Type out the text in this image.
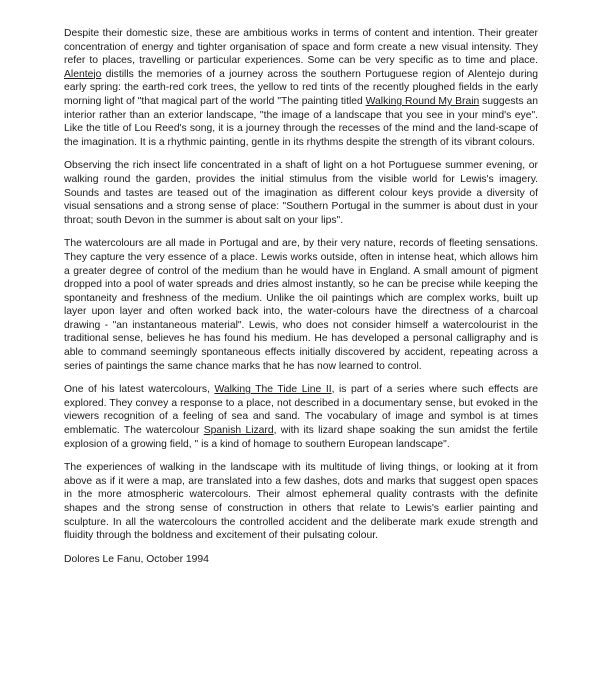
Despite their domestic size, these are ambitious works in terms of content and intention. Their greater concentration of energy and tighter organisation of space and form create a new visual intensity. They refer to places, travelling or particular experiences. Some can be very specific as to time and place. Alentejo distills the memories of a journey across the southern Portuguese region of Alentejo during early spring: the earth-red cork trees, the yellow to red tints of the recently ploughed fields in the early morning light of "that magical part of the world "The painting titled Walking Round My Brain suggests an interior rather than an exterior landscape, "the image of a landscape that you see in your mind's eye". Like the title of Lou Reed's song, it is a journey through the recesses of the mind and the land-scape of the imagination. It is a rhythmic painting, gentle in its rhythms despite the strength of its vibrant colours.

Observing the rich insect life concentrated in a shaft of light on a hot Portuguese summer evening, or walking round the garden, provides the initial stimulus from the visible world for Lewis's imagery. Sounds and tastes are teased out of the imagination as different colour keys provide a diversity of visual sensations and a strong sense of place: "Southern Portugal in the summer is about dust in your throat; south Devon in the summer is about salt on your lips".

The watercolours are all made in Portugal and are, by their very nature, records of fleeting sensations. They capture the very essence of a place. Lewis works outside, often in intense heat, which allows him a greater degree of control of the medium than he would have in England. A small amount of pigment dropped into a pool of water spreads and dries almost instantly, so he can be precise while keeping the spontaneity and freshness of the medium. Unlike the oil paintings which are complex works, built up layer upon layer and often worked back into, the water-colours have the directness of a charcoal drawing - "an instantaneous material". Lewis, who does not consider himself a watercolourist in the traditional sense, believes he has found his medium. He has developed a personal calligraphy and is able to command seemingly spontaneous effects initially discovered by accident, repeating across a series of paintings the same chance marks that he has now learned to control.

One of his latest watercolours, Walking The Tide Line II, is part of a series where such effects are explored. They convey a response to a place, not described in a documentary sense, but evoked in the viewers recognition of a feeling of sea and sand. The vocabulary of image and symbol is at times emblematic. The watercolour Spanish Lizard, with its lizard shape soaking the sun amidst the fertile explosion of a growing field, " is a kind of homage to southern European landscape".

The experiences of walking in the landscape with its multitude of living things, or looking at it from above as if it were a map, are translated into a few dashes, dots and marks that suggest open spaces in the more atmospheric watercolours. Their almost ephemeral quality contrasts with the definite shapes and the strong sense of construction in others that relate to Lewis's earlier painting and sculpture. In all the watercolours the controlled accident and the deliberate mark exude strength and fluidity through the boldness and excitement of their pulsating colour.

Dolores Le Fanu, October 1994
